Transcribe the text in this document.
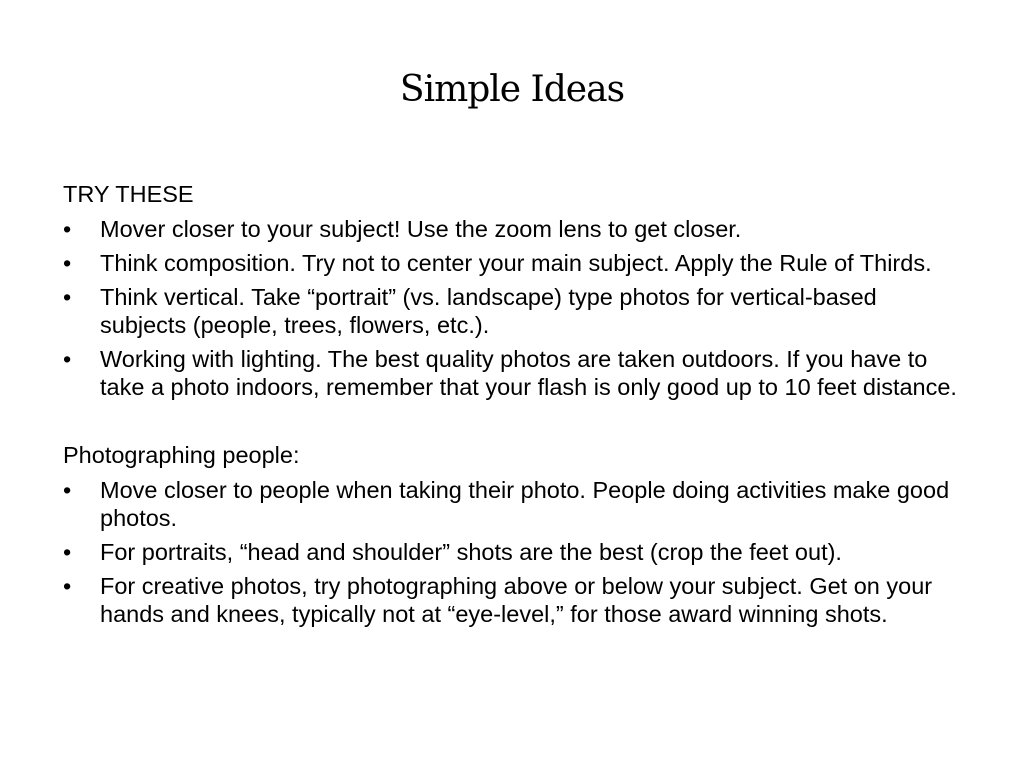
Simple Ideas
TRY THESE
• Mover closer to your subject! Use the zoom lens to get closer.
• Think composition. Try not to center your main subject. Apply the Rule of Thirds.
• Think vertical. Take “portrait” (vs. landscape) type photos for vertical-based subjects (people, trees, flowers, etc.).
• Working with lighting. The best quality photos are taken outdoors. If you have to take a photo indoors, remember that your flash is only good up to 10 feet distance.
Photographing people:
• Move closer to people when taking their photo. People doing activities make good photos.
• For portraits, “head and shoulder” shots are the best (crop the feet out).
• For creative photos, try photographing above or below your subject. Get on your hands and knees, typically not at “eye-level,” for those award winning shots.
